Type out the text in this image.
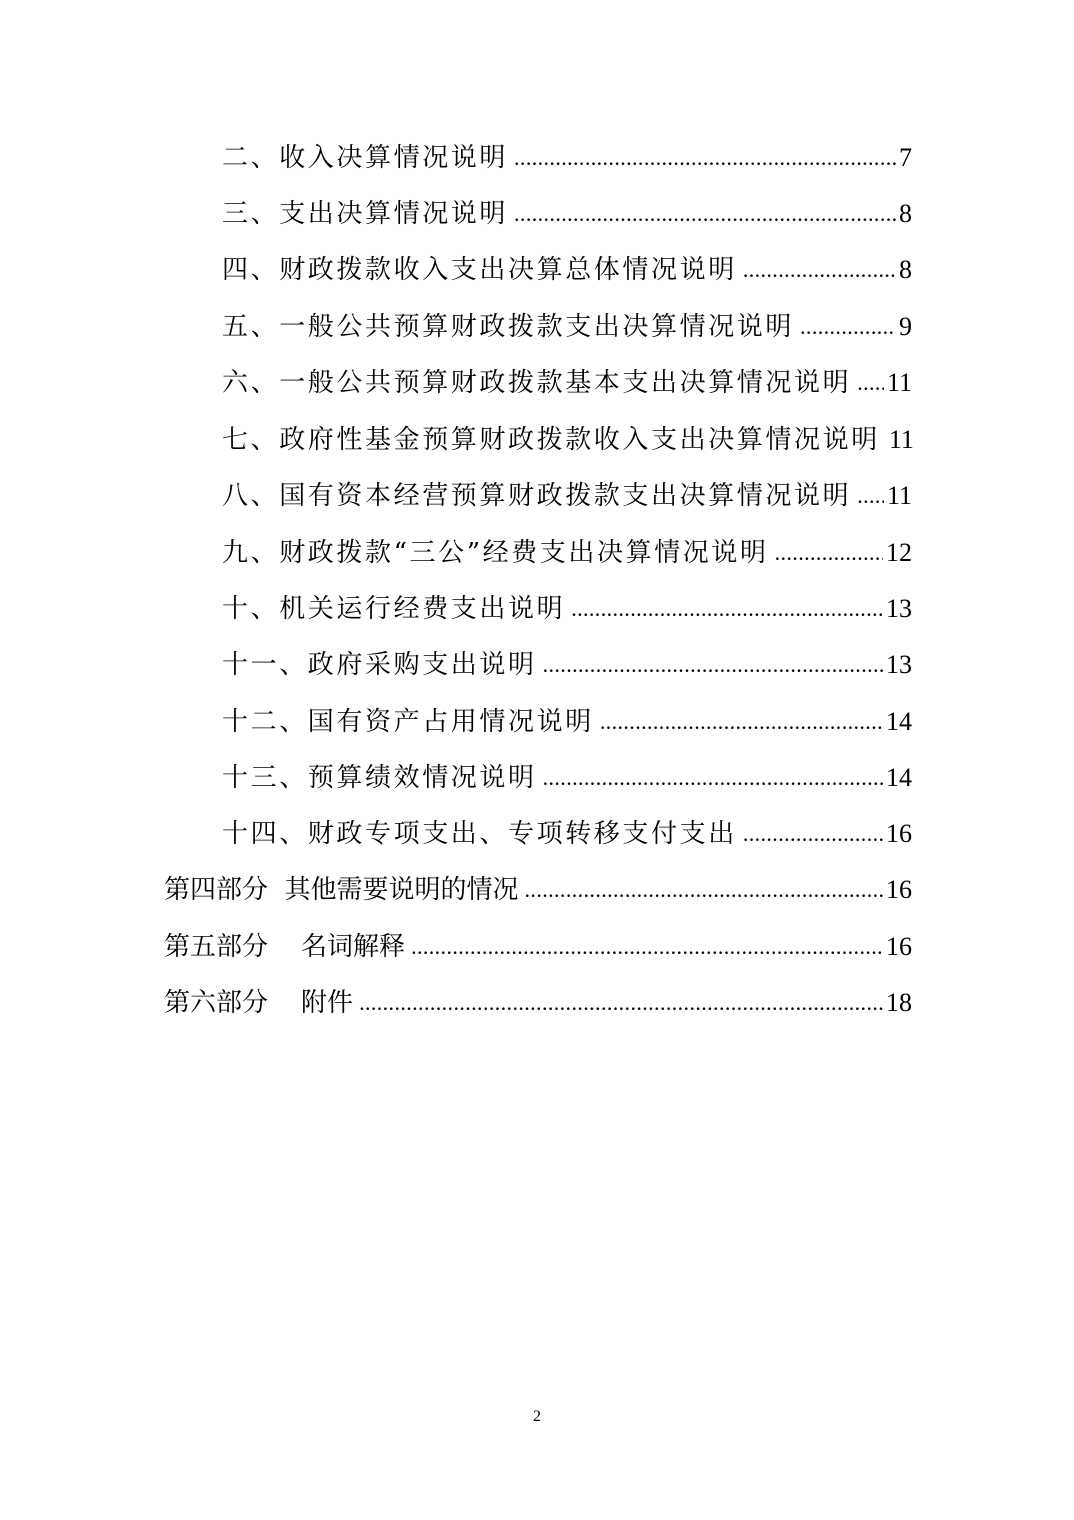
二、收入决算情况说明 .....	7
三、支出决算情况说明 .....	8
四、财政拨款收入支出决算总体情况说明 .....	8
五、一般公共预算财政拨款支出决算情况说明 .....	9
六、一般公共预算财政拨款基本支出决算情况说明 ..... 11
七、政府性基金预算财政拨款收入支出决算情况说明 11
八、国有资本经营预算财政拨款支出决算情况说明 ..... 11
九、财政拨款“三公”经费支出决算情况说明 .....	12
十、机关运行经费支出说明 .....	13
十一、政府采购支出说明 .....	13
十二、国有资产占用情况说明 .....	14
十三、预算绩效情况说明 .....	14
十四、财政专项支出、专项转移支付支出 .....	16
第四部分  其他需要说明的情况 .....	16
第五部分    名词解释 .....	16
第六部分    附件 .....	18
2
